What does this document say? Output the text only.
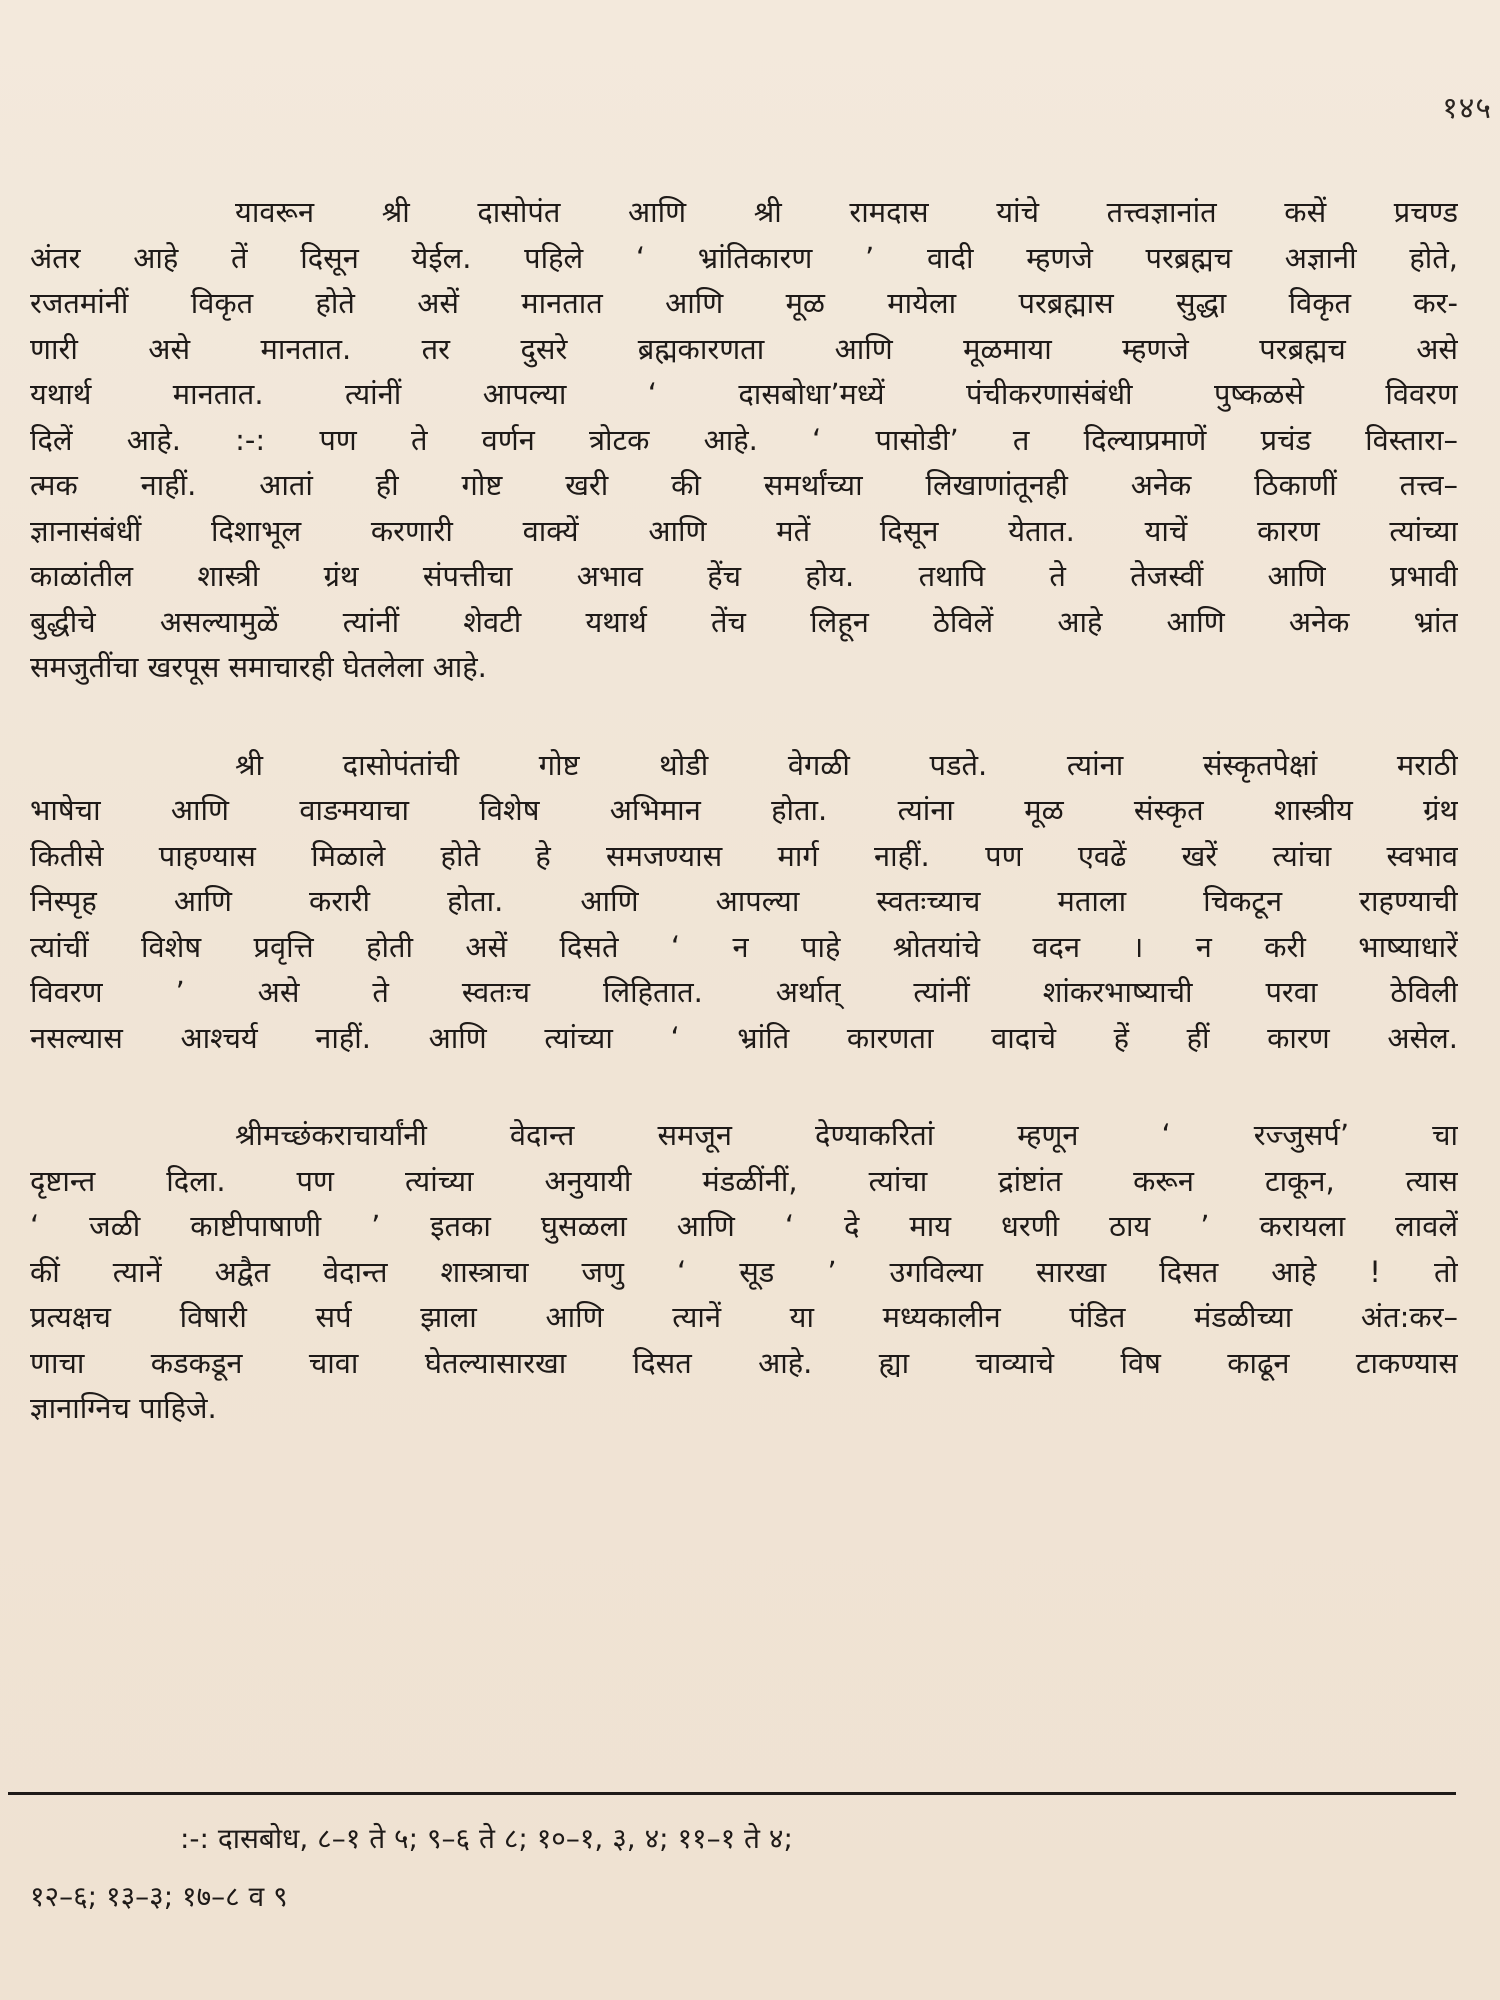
१४५
यावरून श्री दासोपंत आणि श्री रामदास यांचे तत्त्वज्ञानांत कसें प्रचण्ड
अंतर आहे तें दिसून येईल. पहिले ‘ भ्रांतिकारण ’ वादी म्हणजे परब्रह्मच अज्ञानी होते,
रजतमांनीं विकृत होते असें मानतात आणि मूळ मायेला परब्रह्मास सुद्धा विकृत कर-
णारी असे मानतात. तर दुसरे ब्रह्मकारणता आणि मूळमाया म्हणजे परब्रह्मच असे
यथार्थ मानतात. त्यांनीं आपल्या ‘ दासबोधा’मध्यें पंचीकरणासंबंधी पुष्कळसे विवरण
दिलें आहे. :-: पण ते वर्णन त्रोटक आहे. ‘ पासोडी’ त दिल्याप्रमाणें प्रचंड विस्तारा–
त्मक नाहीं. आतां ही गोष्ट खरी की समर्थांच्या लिखाणांतूनही अनेक ठिकाणीं तत्त्व–
ज्ञानासंबंधीं दिशाभूल करणारी वाक्यें आणि मतें दिसून येतात. याचें कारण त्यांच्या
काळांतील शास्त्री ग्रंथ संपत्तीचा अभाव हेंच होय. तथापि ते तेजस्वीं आणि प्रभावी
बुद्धीचे असल्यामुळें त्यांनीं शेवटी यथार्थ तेंच लिहून ठेविलें आहे आणि अनेक भ्रांत
समजुतींचा खरपूस समाचारही घेतलेला आहे.
श्री दासोपंतांची गोष्ट थोडी वेगळी पडते. त्यांना संस्कृतपेक्षां मराठी
भाषेचा आणि वाङमयाचा विशेष अभिमान होता. त्यांना मूळ संस्कृत शास्त्रीय ग्रंथ
कितीसे पाहण्यास मिळाले होते हे समजण्यास मार्ग नाहीं. पण एवढें खरें त्यांचा स्वभाव
निस्पृह आणि करारी होता. आणि आपल्या स्वतःच्याच मताला चिकटून राहण्याची
त्यांचीं विशेष प्रवृत्ति होती असें दिसते ‘ न पाहे श्रोतयांचे वदन । न करी भाष्याधारें
विवरण ’ असे ते स्वतःच लिहितात. अर्थात् त्यांनीं शांकरभाष्याची परवा ठेविली
नसल्यास आश्चर्य नाहीं. आणि त्यांच्या ‘ भ्रांति कारणता वादाचे हें हीं कारण असेल.
श्रीमच्छंकराचार्यांनी वेदान्त समजून देण्याकरितां म्हणून ‘ रज्जुसर्प’ चा
दृष्टान्त दिला. पण त्यांच्या अनुयायी मंडळींनीं, त्यांचा द्रांष्टांत करून टाकून, त्यास
‘ जळी काष्टीपाषाणी ’ इतका घुसळला आणि ‘ दे माय धरणी ठाय ’ करायला लावलें
कीं त्यानें अद्वैत वेदान्त शास्त्राचा जणु ‘ सूड ’ उगविल्या सारखा दिसत आहे ! तो
प्रत्यक्षच विषारी सर्प झाला आणि त्यानें या मध्यकालीन पंडित मंडळीच्या अंत:कर–
णाचा कडकडून चावा घेतल्यासारखा दिसत आहे. ह्या चाव्याचे विष काढून टाकण्यास
ज्ञानाग्निच पाहिजे.
:-: दासबोध, ८–१ ते ५; ९–६ ते ८; १०–१, ३, ४; ११–१ ते ४;
१२–६; १३–३; १७–८ व ९
